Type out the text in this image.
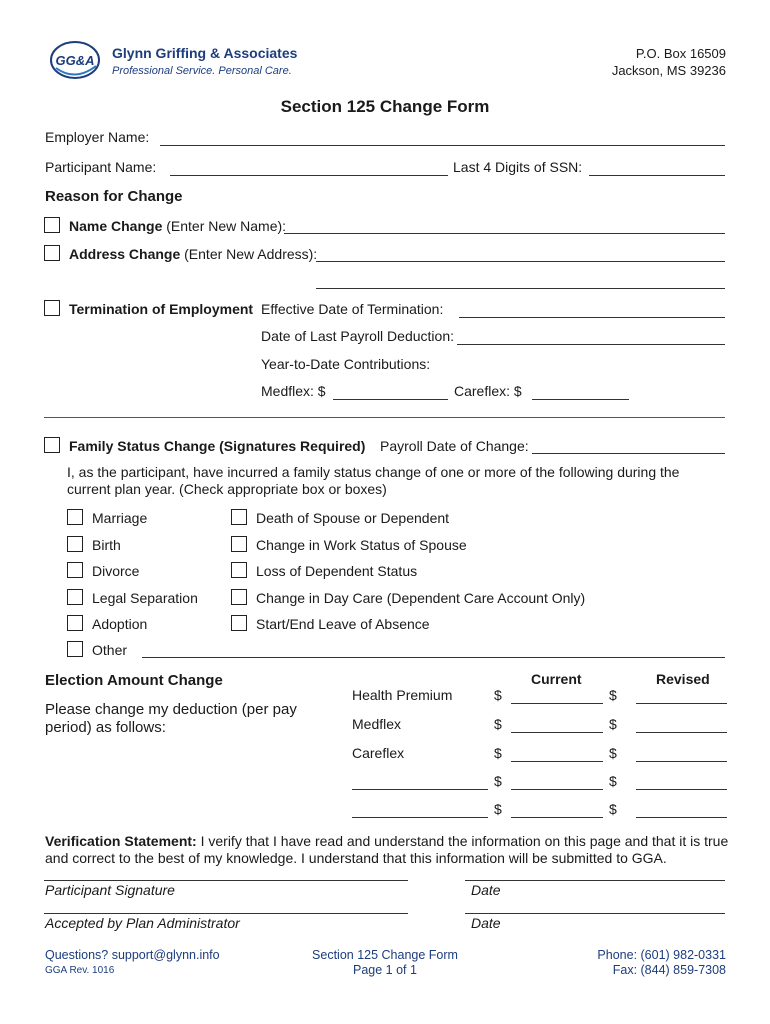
GG&A Glynn Griffing & Associates
Professional Service. Personal Care.
P.O. Box 16509
Jackson, MS 39236
Section 125 Change Form
Employer Name:
Participant Name:	Last 4 Digits of SSN:
Reason for Change
Name Change (Enter New Name):
Address Change (Enter New Address):
Termination of Employment Effective Date of Termination:
Date of Last Payroll Deduction:
Year-to-Date Contributions:
Medflex: $	Careflex: $
Family Status Change (Signatures Required) Payroll Date of Change:
I, as the participant, have incurred a family status change of one or more of the following during the
current plan year. (Check appropriate box or boxes)
Marriage
Birth
Divorce
Legal Separation
Adoption
Other
Death of Spouse or Dependent
Change in Work Status of Spouse
Loss of Dependent Status
Change in Day Care (Dependent Care Account Only)
Start/End Leave of Absence
Election Amount Change
Please change my deduction (per pay
period) as follows:
Current	Revised
Health Premium	$	$
Medflex	$	$
Careflex	$	$
$	$
$	$
Verification Statement: I verify that I have read and understand the information on this page and that it is true
and correct to the best of my knowledge. I understand that this information will be submitted to GGA.
Participant Signature	Date
Accepted by Plan Administrator	Date
Questions? support@glynn.info
GGA Rev. 1016
Section 125 Change Form
Page 1 of 1
Phone: (601) 982-0331
Fax: (844) 859-7308
